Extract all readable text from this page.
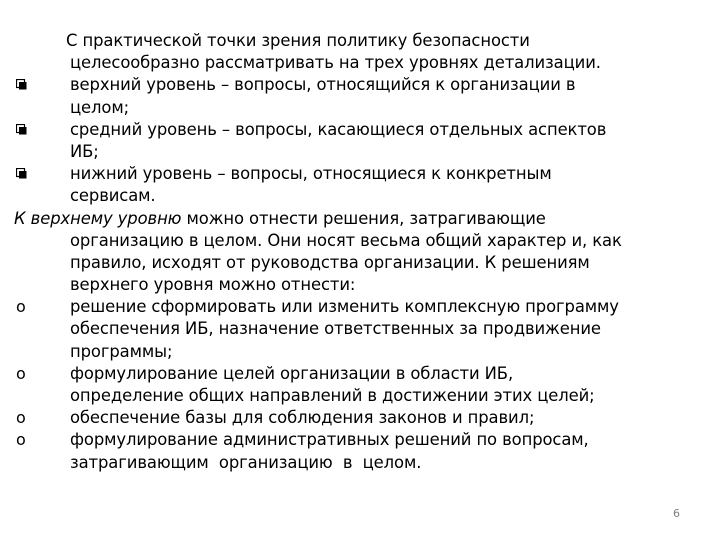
С практической точки зрения политику безопасности
целесообразно рассматривать на трех уровнях детализации.
верхний уровень – вопросы, относящийся к организации в
целом;
средний уровень – вопросы, касающиеся отдельных аспектов
ИБ;
нижний уровень – вопросы, относящиеся к конкретным
сервисам.
К верхнему уровню можно отнести решения, затрагивающие
организацию в целом. Они носят весьма общий характер и, как
правило, исходят от руководства организации. К решениям
верхнего уровня можно отнести:
o	решение сформировать или изменить комплексную программу
обеспечения ИБ, назначение ответственных за продвижение
программы;
o	формулирование целей организации в области ИБ,
определение общих направлений в достижении этих целей;
o	обеспечение базы для соблюдения законов и правил;
o	формулирование административных решений по вопросам,
затрагивающим  организацию  в  целом.
6
